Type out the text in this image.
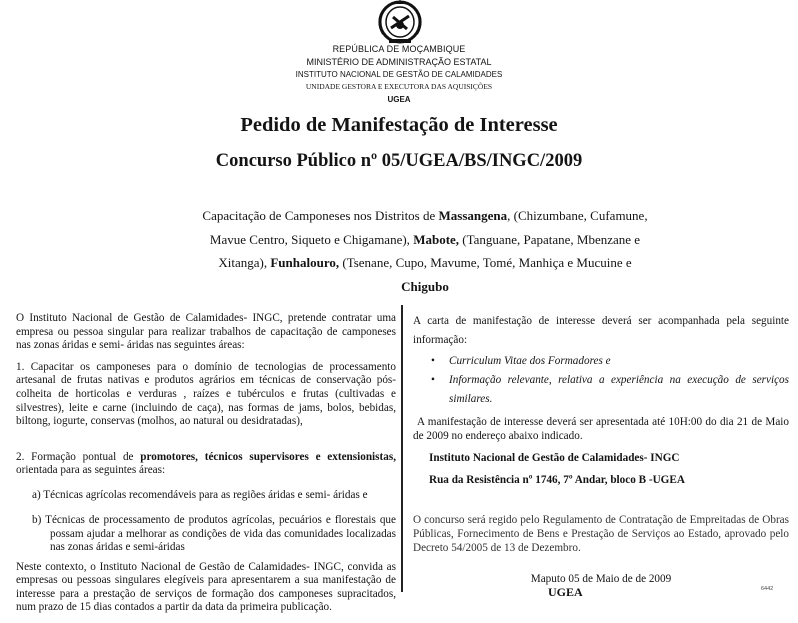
REPÚBLICA DE MOÇAMBIQUE
MINISTÉRIO DE ADMINISTRAÇÃO ESTATAL
INSTITUTO NACIONAL DE GESTÃO DE CALAMIDADES
UNIDADE GESTORA E EXECUTORA DAS AQUISIÇÕES
UGEA
Pedido de Manifestação de Interesse
Concurso Público nº 05/UGEA/BS/INGC/2009
Capacitação de Camponeses nos Distritos de Massangena, (Chizumbane, Cufamune, Mavue Centro, Siqueto e Chigamane), Mabote, (Tanguane, Papatane, Mbenzane e Xitanga), Funhalouro, (Tsenane, Cupo, Mavume, Tomé, Manhiça e Mucuine e Chigubo

O Instituto Nacional de Gestão de Calamidades- INGC, pretende contratar uma empresa ou pessoa singular para realizar trabalhos de capacitação de camponeses nas zonas áridas e semi- áridas nas seguintes áreas:

1. Capacitar os camponeses para o domínio de tecnologias de processamento artesanal de frutas nativas e produtos agrários em técnicas de conservação pós-colheita de horticolas e verduras , raízes e tubérculos e frutas (cultivadas e silvestres), leite e carne (incluindo de caça), nas formas de jams, bolos, bebidas, biltong, iogurte, conservas (molhos, ao natural ou desidratadas),

2. Formação pontual de promotores, técnicos supervisores e extensionistas, orientada para as seguintes áreas:

a) Técnicas agrícolas recomendáveis para as regiões áridas e semi- áridas e

b) Técnicas de processamento de produtos agrícolas, pecuários e florestais que possam ajudar a melhorar as condições de vida das comunidades localizadas nas zonas áridas e semi-áridas

Neste contexto, o Instituto Nacional de Gestão de Calamidades- INGC, convida as empresas ou pessoas singulares elegíveis para apresentarem a sua manifestação de interesse para a prestação de serviços de formação dos camponeses supracitados, num prazo de 15 dias contados a partir da data da primeira publicação.

A carta de manifestação de interesse deverá ser acompanhada pela seguinte informação:

• Curriculum Vitae dos Formadores e
• Informação relevante, relativa a experiência na execução de serviços similares.

A manifestação de interesse deverá ser apresentada até 10H:00 do dia 21 de Maio de 2009 no endereço abaixo indicado.

Instituto Nacional de Gestão de Calamidades- INGC
Rua da Resistência nº 1746, 7º Andar, bloco B -UGEA

O concurso será regido pelo Regulamento de Contratação de Empreitadas de Obras Públicas, Fornecimento de Bens e Prestação de Serviços ao Estado, aprovado pelo Decreto 54/2005 de 13 de Dezembro.

Maputo 05 de Maio de de 2009
UGEA	6442
